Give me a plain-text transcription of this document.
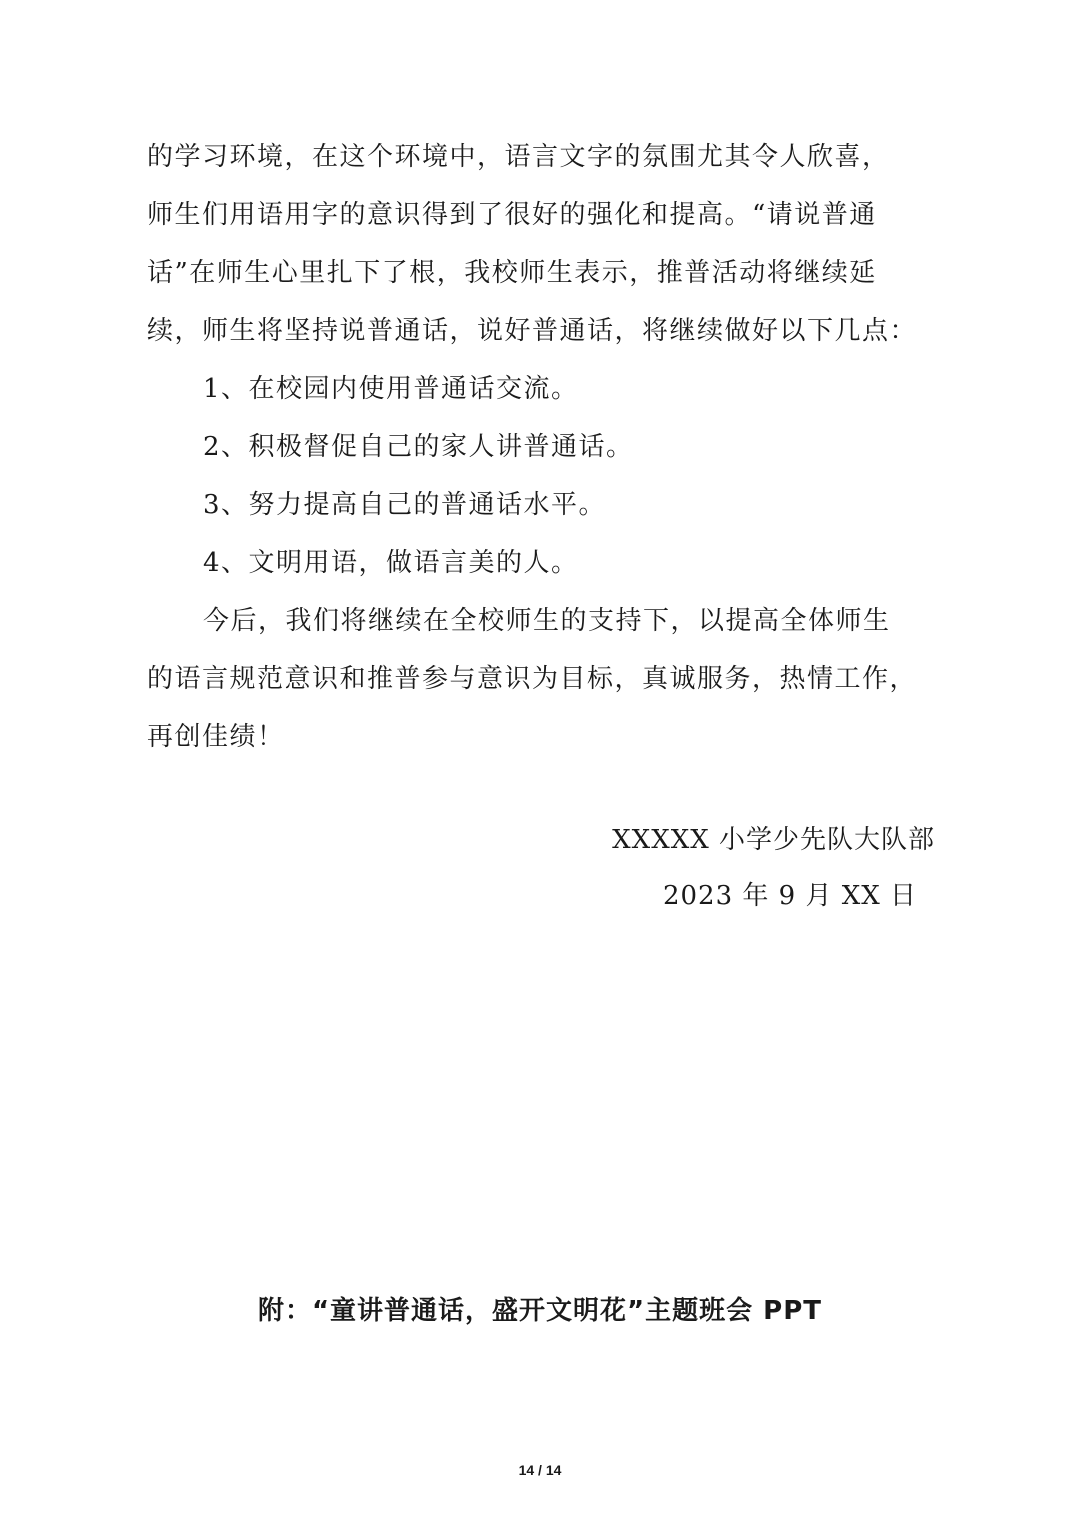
的学习环境，在这个环境中，语言文字的氛围尤其令人欣喜，
师生们用语用字的意识得到了很好的强化和提高。“请说普通
话”在师生心里扎下了根，我校师生表示，推普活动将继续延
续，师生将坚持说普通话，说好普通话，将继续做好以下几点：
1、在校园内使用普通话交流。
2、积极督促自己的家人讲普通话。
3、努力提高自己的普通话水平。
4、文明用语，做语言美的人。
今后，我们将继续在全校师生的支持下，以提高全体师生
的语言规范意识和推普参与意识为目标，真诚服务，热情工作，
再创佳绩！
XXXXX 小学少先队大队部
2023 年 9 月 XX 日
附：“童讲普通话，盛开文明花”主题班会 PPT
14 / 14
